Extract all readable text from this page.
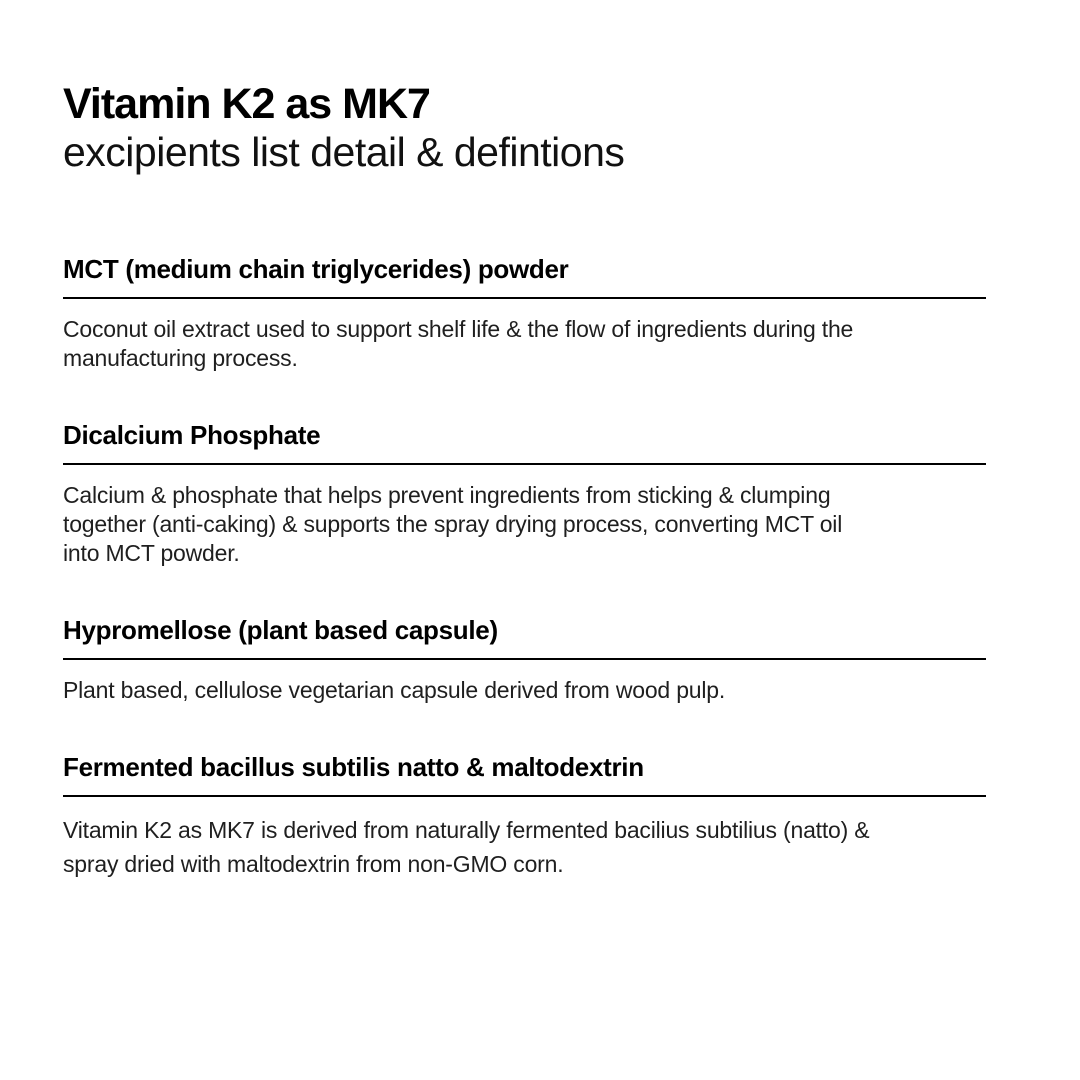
Vitamin K2 as MK7
excipients list detail & defintions
MCT (medium chain triglycerides) powder
Coconut oil extract used to support shelf life & the flow of ingredients during the
manufacturing process.
Dicalcium Phosphate
Calcium & phosphate that helps prevent ingredients from sticking & clumping
together (anti-caking) & supports the spray drying process, converting MCT oil
into MCT powder.
Hypromellose (plant based capsule)
Plant based, cellulose vegetarian capsule derived from wood pulp.
Fermented bacillus subtilis natto & maltodextrin
Vitamin K2 as MK7 is derived from naturally fermented bacilius subtilius (natto) &
spray dried with maltodextrin from non-GMO corn.
